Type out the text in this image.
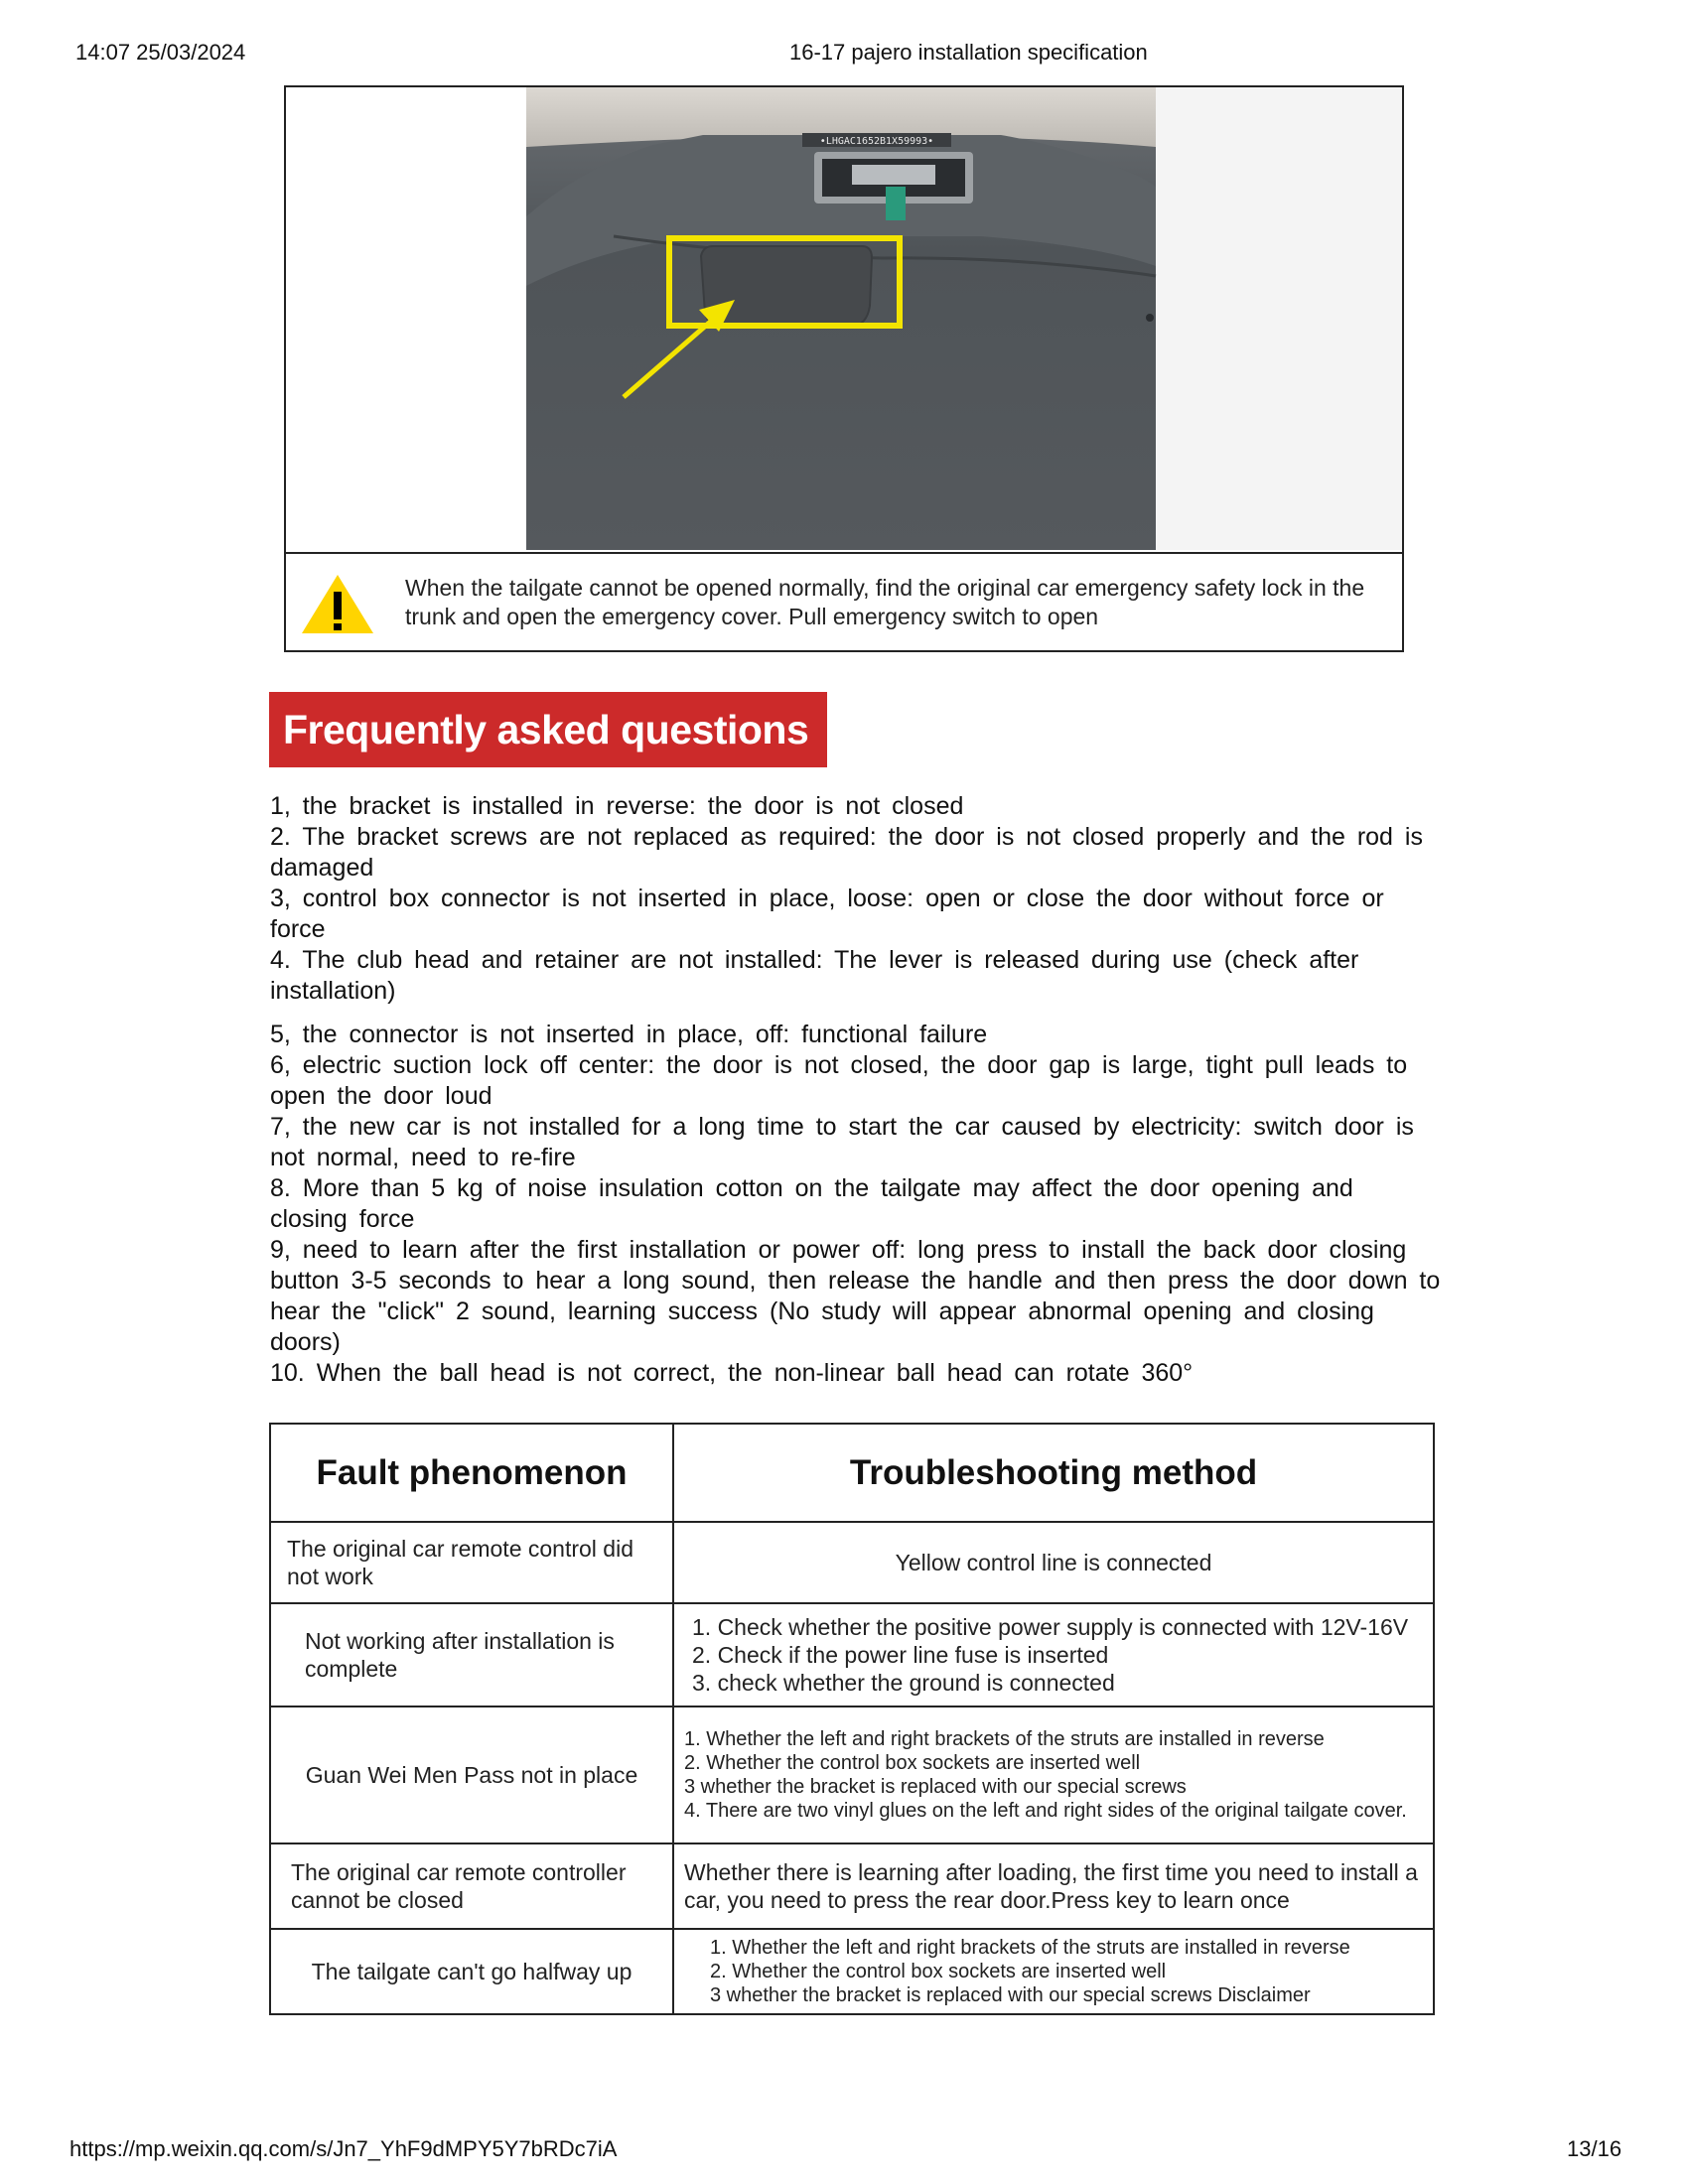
14:07 25/03/2024	16-17 pajero installation specification
•LHGAC1652B1X59993•
When the tailgate cannot be opened normally, find the original car emergency safety lock in the trunk and open the emergency cover. Pull emergency switch to open
Frequently asked questions

1, the bracket is installed in reverse: the door is not closed

2. The bracket screws are not replaced as required: the door is not closed properly and the rod is damaged

3, control box connector is not inserted in place, loose: open or close the door without force or force

4. The club head and retainer are not installed: The lever is released during use (check after installation)

5, the connector is not inserted in place, off: functional failure

6, electric suction lock off center: the door is not closed, the door gap is large, tight pull leads to open the door loud

7, the new car is not installed for a long time to start the car caused by electricity: switch door is not normal, need to re-fire

8. More than 5 kg of noise insulation cotton on the tailgate may affect the door opening and closing force

9, need to learn after the first installation or power off: long press to install the back door closing button 3-5 seconds to hear a long sound, then release the handle and then press the door down to hear the "click" 2 sound, learning success (No study will appear abnormal opening and closing doors)

10. When the ball head is not correct, the non-linear ball head can rotate 360°

Fault phenomenon	Troubleshooting method
The original car remote control did not work	Yellow control line is connected
Not working after installation is complete	1. Check whether the positive power supply is connected with 12V-16V
2. Check if the power line fuse is inserted
3. check whether the ground is connected

Guan Wei Men Pass not in place	1. Whether the left and right brackets of the struts are installed in reverse
2. Whether the control box sockets are inserted well
3 whether the bracket is replaced with our special screws
4. There are two vinyl glues on the left and right sides of the original tailgate cover.

The original car remote controller cannot be closed	Whether there is learning after loading, the first time you need to install a car, you need to press the rear door.Press key to learn once
The tailgate can't go halfway up	1. Whether the left and right brackets of the struts are installed in reverse
2. Whether the control box sockets are inserted well
3 whether the bracket is replaced with our special screws Disclaimer
https://mp.weixin.qq.com/s/Jn7_YhF9dMPY5Y7bRDc7iA	13/16
